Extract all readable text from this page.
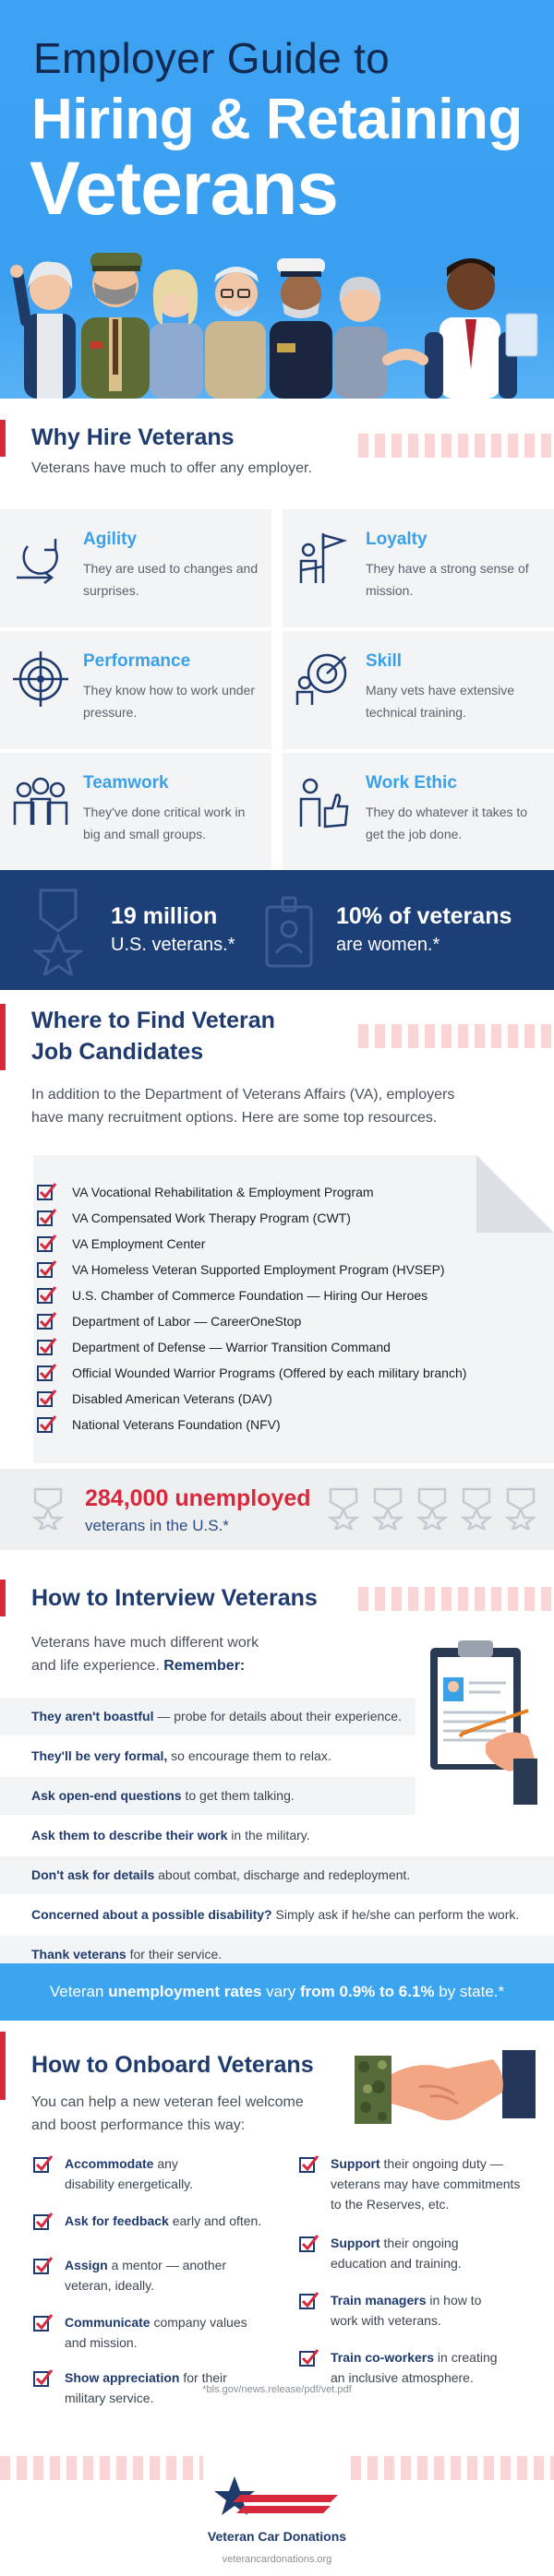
Employer Guide to
Hiring & Retaining
Veterans
Why Hire Veterans
Veterans have much to offer any employer.
Agility
They are used to changes and surprises.
Loyalty
They have a strong sense of mission.
Performance
They know how to work under pressure.
Skill
Many vets have extensive technical training.
Teamwork
They've done critical work in big and small groups.
Work Ethic
They do whatever it takes to get the job done.
19 million
U.S. veterans.*
10% of veterans
are women.*
Where to Find Veteran
Job Candidates
In addition to the Department of Veterans Affairs (VA), employers
have many recruitment options. Here are some top resources.
VA Vocational Rehabilitation & Employment Program
VA Compensated Work Therapy Program (CWT)
VA Employment Center
VA Homeless Veteran Supported Employment Program (HVSEP)
U.S. Chamber of Commerce Foundation — Hiring Our Heroes
Department of Labor — CareerOneStop
Department of Defense — Warrior Transition Command
Official Wounded Warrior Programs (Offered by each military branch)
Disabled American Veterans (DAV)
National Veterans Foundation (NFV)
284,000 unemployed
veterans in the U.S.*
How to Interview Veterans
Veterans have much different work
and life experience. Remember:
They aren't boastful — probe for details about their experience.
They'll be very formal, so encourage them to relax.
Ask open-end questions to get them talking.
Ask them to describe their work in the military.
Don't ask for details about combat, discharge and redeployment.
Concerned about a possible disability? Simply ask if he/she can perform the work.
Thank veterans for their service.
Veteran unemployment rates vary from 0.9% to 6.1% by state.*
How to Onboard Veterans
You can help a new veteran feel welcome
and boost performance this way:
Accommodate any
disability energetically.
Ask for feedback early and often.
Assign a mentor — another
veteran, ideally.
Communicate company values
and mission.
Show appreciation for their
military service.
Support their ongoing duty —
veterans may have commitments
to the Reserves, etc.
Support their ongoing
education and training.
Train managers in how to
work with veterans.
Train co-workers in creating
an inclusive atmosphere.
*bls.gov/news.release/pdf/vet.pdf
Veteran Car Donations
veterancardonations.org
